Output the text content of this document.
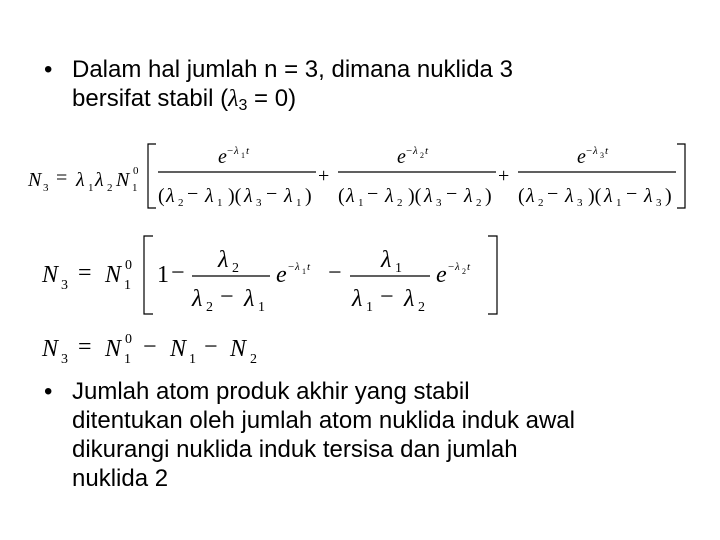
• Dalam hal jumlah n = 3, dimana nuklida 3
bersifat stabil $(\lambda_3 = 0)$
N 3 = λ 1 λ 2 N 1
0
e − λ 1 t
( λ 2 − λ 1 )( λ 3 − λ 1 )
+
e − λ 2 t
( λ 1 − λ 2 )( λ 3 − λ 2 )
+
e − λ 3 t
( λ 2 − λ 3 )( λ 1 − λ 3 )
N 3 = N 1
0 1 − λ 2
λ 2 − λ 1
e − λ 1 t − λ 1
λ 1 − λ 2
e − λ 2 t
N 3 = N 1
0 − N 1 − N 2
• Jumlah atom produk akhir yang stabil
ditentukan oleh jumlah atom nuklida induk awal
dikurangi nuklida induk tersisa dan jumlah
nuklida 2
